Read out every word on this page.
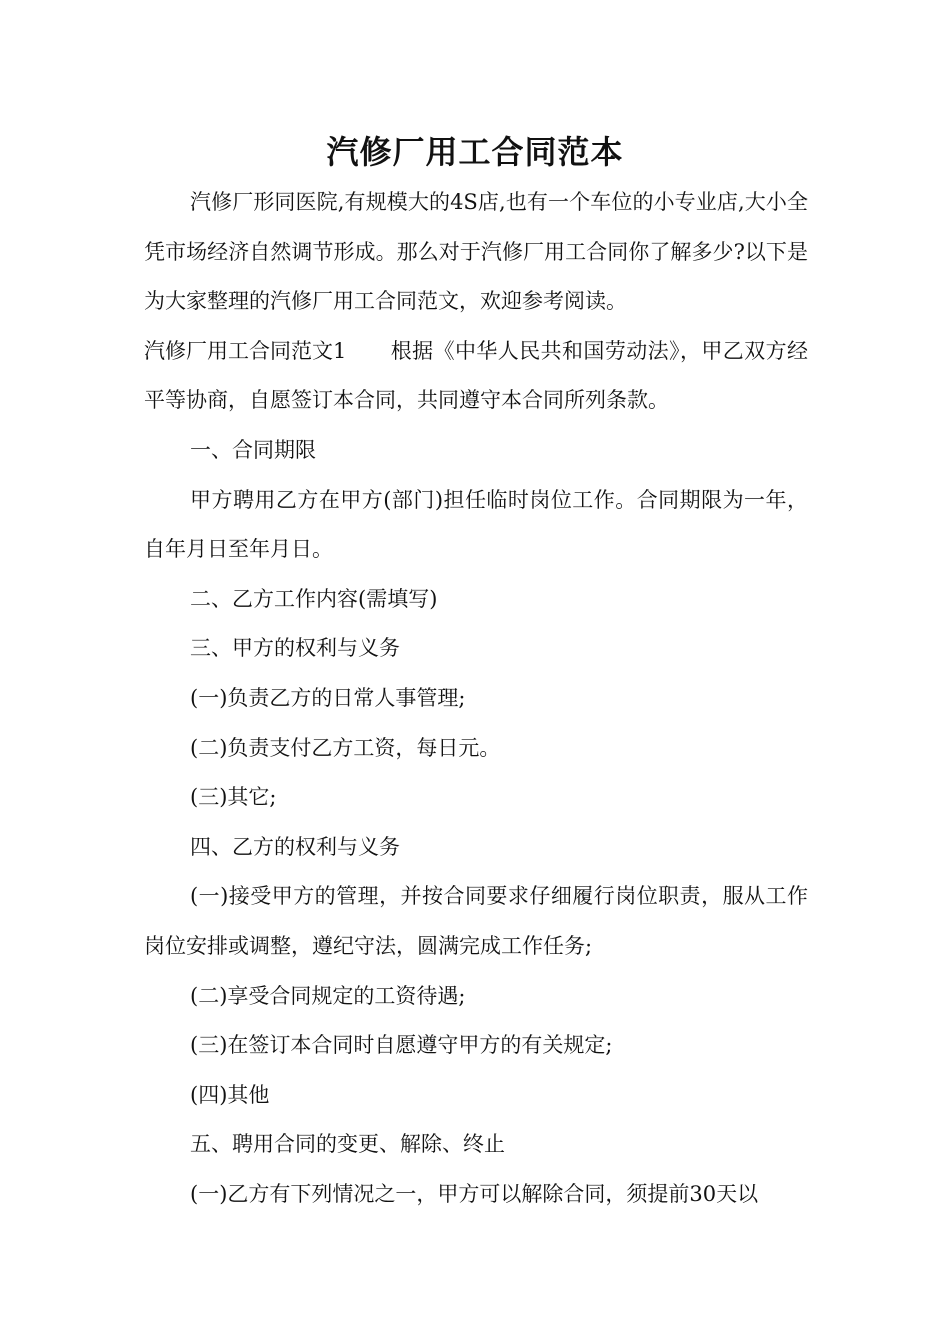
汽修厂用工合同范本

汽修厂形同医院,有规模大的4S店,也有一个车位的小专业店,大小全凭市场经济自然调节形成。那么对于汽修厂用工合同你了解多少?以下是为大家整理的汽修厂用工合同范文，欢迎参考阅读。

汽修厂用工合同范文1 根据《中华人民共和国劳动法》，甲乙双方经平等协商，自愿签订本合同，共同遵守本合同所列条款。

一、合同期限

甲方聘用乙方在甲方(部门)担任临时岗位工作。合同期限为一年，自年月日至年月日。

二、乙方工作内容(需填写)

三、甲方的权利与义务

(一)负责乙方的日常人事管理;

(二)负责支付乙方工资，每日元。

(三)其它;

四、乙方的权利与义务

(一)接受甲方的管理，并按合同要求仔细履行岗位职责，服从工作岗位安排或调整，遵纪守法，圆满完成工作任务;

(二)享受合同规定的工资待遇;

(三)在签订本合同时自愿遵守甲方的有关规定;

(四)其他

五、聘用合同的变更、解除、终止

(一)乙方有下列情况之一，甲方可以解除合同，须提前30天以
